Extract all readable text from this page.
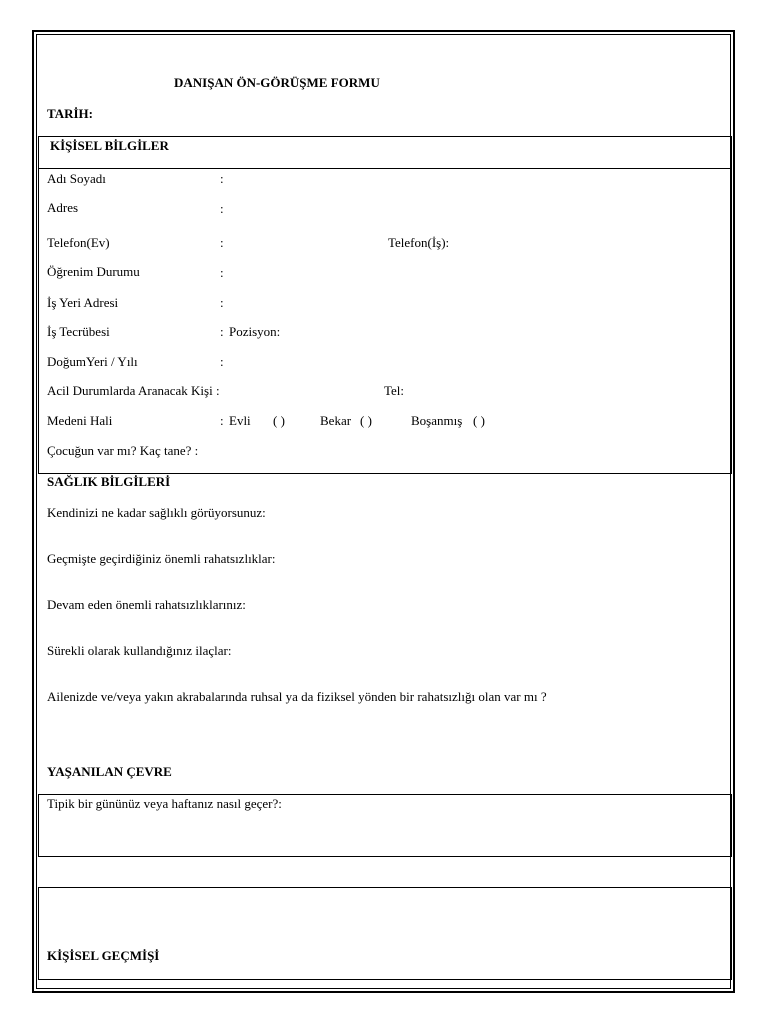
DANIŞAN ÖN-GÖRÜŞME FORMU
TARİH:
KİŞİSEL BİLGİLER
Adı Soyadı	:
Adres	:
Telefon(Ev)	:	Telefon(İş):
Öğrenim Durumu	:
İş Yeri Adresi	:
İş Tecrübesi	: Pozisyon:
DoğumYeri / Yılı	:
Acil Durumlarda Aranacak Kişi :	Tel:
Medeni Hali	: Evli ( )	Bekar ( )	Boşanmış ( )
Çocuğun var mı? Kaç tane? :
SAĞLIK BİLGİLERİ
Kendinizi ne kadar sağlıklı görüyorsunuz:
Geçmişte geçirdiğiniz önemli rahatsızlıklar:
Devam eden önemli rahatsızlıklarınız:
Sürekli olarak kullandığınız ilaçlar:
Ailenizde ve/veya yakın akrabalarında ruhsal ya da fiziksel yönden bir rahatsızlığı olan var mı ?
YAŞANILAN ÇEVRE
Tipik bir gününüz veya haftanız nasıl geçer?:
KİŞİSEL GEÇMİŞİ
